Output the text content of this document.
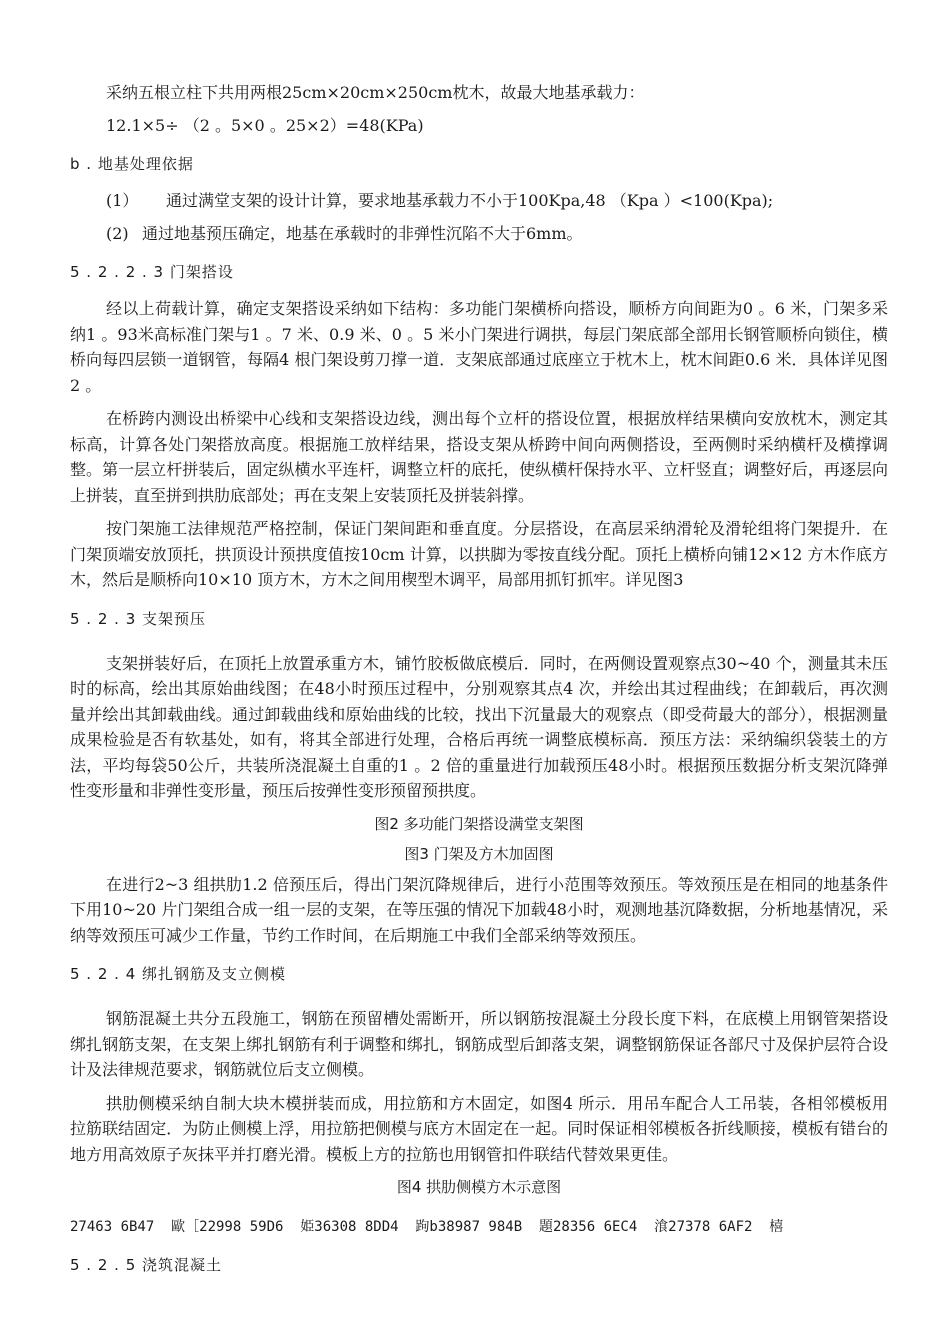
采纳五根立柱下共用两根25cm×20cm×250cm枕木，故最大地基承载力：

12.1×5÷ （2 。5×0 。25×2）=48(KPa)

b . 地基处理依据

(1） 通过满堂支架的设计计算，要求地基承载力不小于100Kpa,48 （Kpa ）<100(Kpa);

(2) 通过地基预压确定，地基在承载时的非弹性沉陷不大于6mm。

5 . 2 . 2 . 3 门架搭设

经以上荷载计算，确定支架搭设采纳如下结构：多功能门架横桥向搭设，顺桥方向间距为0 。6 米，门架多采纳1 。93米高标准门架与1 。7 米、0.9 米、0 。5 米小门架进行调拱，每层门架底部全部用长钢管顺桥向锁住，横桥向每四层锁一道钢管，每隔4 根门架设剪刀撑一道．支架底部通过底座立于枕木上，枕木间距0.6 米．具体详见图2 。

在桥跨内测设出桥梁中心线和支架搭设边线，测出每个立杆的搭设位置，根据放样结果横向安放枕木，测定其标高，计算各处门架搭放高度。根据施工放样结果，搭设支架从桥跨中间向两侧搭设，至两侧时采纳横杆及横撑调整。第一层立杆拼装后，固定纵横水平连杆，调整立杆的底托，使纵横杆保持水平、立杆竖直；调整好后，再逐层向上拼装，直至拼到拱肋底部处；再在支架上安装顶托及拼装斜撑。

按门架施工法律规范严格控制，保证门架间距和垂直度。分层搭设，在高层采纳滑轮及滑轮组将门架提升．在门架顶端安放顶托，拱顶设计预拱度值按10cm 计算，以拱脚为零按直线分配。顶托上横桥向铺12×12 方木作底方木，然后是顺桥向10×10 顶方木，方木之间用楔型木调平，局部用抓钉抓牢。详见图3

5 . 2 . 3 支架预压

支架拼装好后，在顶托上放置承重方木，铺竹胶板做底模后．同时，在两侧设置观察点30~40 个，测量其未压时的标高，绘出其原始曲线图；在48小时预压过程中，分别观察其点4 次，并绘出其过程曲线；在卸载后，再次测量并绘出其卸载曲线。通过卸载曲线和原始曲线的比较，找出下沉量最大的观察点（即受荷最大的部分），根据测量成果检验是否有软基处，如有，将其全部进行处理，合格后再统一调整底模标高．预压方法：采纳编织袋装土的方法，平均每袋50公斤，共装所浇混凝土自重的1 。2 倍的重量进行加载预压48小时。根据预压数据分析支架沉降弹性变形量和非弹性变形量，预压后按弹性变形预留预拱度。

图2 多功能门架搭设满堂支架图

图3 门架及方木加固图

在进行2~3 组拱肋1.2 倍预压后，得出门架沉降规律后，进行小范围等效预压。等效预压是在相同的地基条件下用10~20 片门架组合成一组一层的支架，在等压强的情况下加载48小时，观测地基沉降数据，分析地基情况，采纳等效预压可减少工作量，节约工作时间，在后期施工中我们全部采纳等效预压。

5 . 2 . 4 绑扎钢筋及支立侧模

钢筋混凝土共分五段施工，钢筋在预留槽处需断开，所以钢筋按混凝土分段长度下料，在底模上用钢管架搭设绑扎钢筋支架，在支架上绑扎钢筋有利于调整和绑扎，钢筋成型后卸落支架，调整钢筋保证各部尺寸及保护层符合设计及法律规范要求，钢筋就位后支立侧模。

拱肋侧模采纳自制大块木模拼装而成，用拉筋和方木固定，如图4 所示．用吊车配合人工吊装，各相邻模板用拉筋联结固定．为防止侧模上浮，用拉筋把侧模与底方木固定在一起。同时保证相邻模板各折线顺接，模板有错台的地方用高效原子灰抹平并打磨光滑。模板上方的拉筋也用钢管扣件联结代替效果更佳。

图4 拱肋侧模方木示意图

27463 6B47  歐［22998 59D6  姫36308 8DD4  跔b38987 984B  題28356 6EC4  湌27378 6AF2  橲

5 . 2 . 5 浇筑混凝土
